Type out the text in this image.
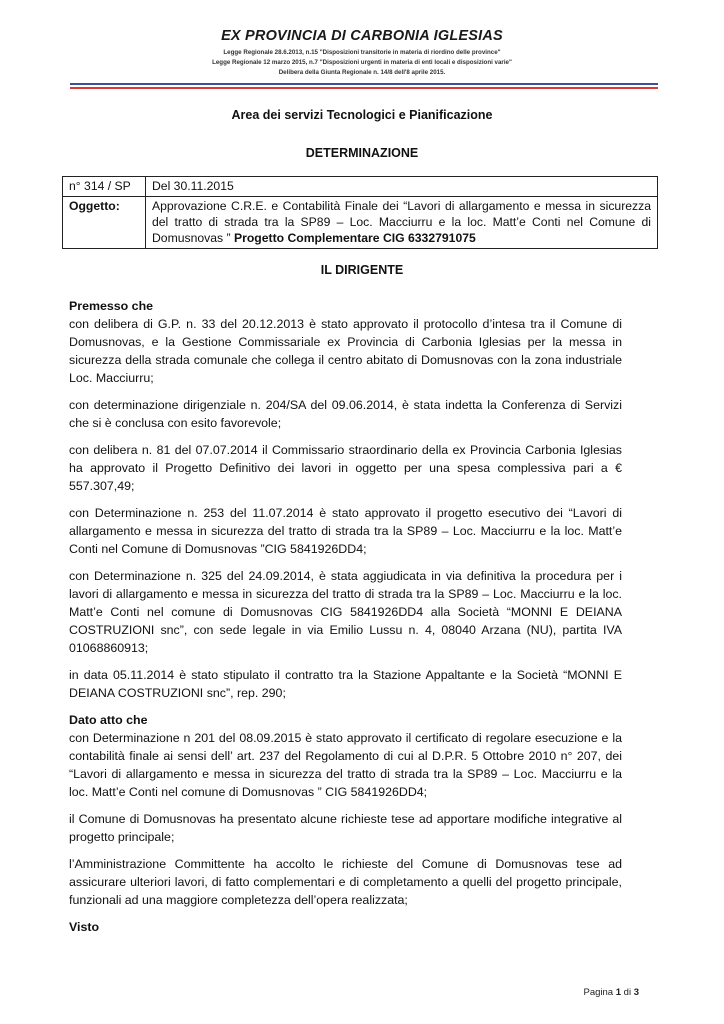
EX PROVINCIA DI CARBONIA IGLESIAS
Legge Regionale 28.6.2013, n.15 "Disposizioni transitorie in materia di riordino delle province"
Legge Regionale 12 marzo 2015, n.7 "Disposizioni urgenti in materia di enti locali e disposizioni varie"
Delibera della Giunta Regionale n. 14/8 dell'8 aprile 2015.
Area dei servizi Tecnologici e Pianificazione
DETERMINAZIONE
n° 314 / SP	Del 30.11.2015
Oggetto:	Approvazione C.R.E. e Contabilità Finale dei “Lavori di allargamento e messa in sicurezza del tratto di strada tra la SP89 – Loc. Macciurru e la loc. Matt’e Conti nel Comune di Domusnovas ” Progetto Complementare CIG 6332791075
IL DIRIGENTE

Premesso che

con delibera di G.P. n. 33 del 20.12.2013 è stato approvato il protocollo d’intesa tra il Comune di Domusnovas, e la Gestione Commissariale ex Provincia di Carbonia Iglesias per la messa in sicurezza della strada comunale che collega il centro abitato di Domusnovas con la zona industriale Loc. Macciurru;

con determinazione dirigenziale n. 204/SA del 09.06.2014, è stata indetta la Conferenza di Servizi che si è conclusa con esito favorevole;

con delibera n. 81 del 07.07.2014 il Commissario straordinario della ex Provincia Carbonia Iglesias ha approvato il Progetto Definitivo dei lavori in oggetto per una spesa complessiva pari a € 557.307,49;

con Determinazione n. 253 del 11.07.2014 è stato approvato il progetto esecutivo dei “Lavori di allargamento e messa in sicurezza del tratto di strada tra la SP89 – Loc. Macciurru e la loc. Matt’e Conti nel Comune di Domusnovas ”CIG 5841926DD4;

con Determinazione n. 325 del 24.09.2014, è stata aggiudicata in via definitiva la procedura per i lavori di allargamento e messa in sicurezza del tratto di strada tra la SP89 – Loc. Macciurru e la loc. Matt’e Conti nel comune di Domusnovas CIG 5841926DD4 alla Società “MONNI E DEIANA COSTRUZIONI snc”, con sede legale in via Emilio Lussu n. 4, 08040 Arzana (NU), partita IVA 01068860913;

in data 05.11.2014 è stato stipulato il contratto tra la Stazione Appaltante e la Società “MONNI E DEIANA COSTRUZIONI snc”, rep. 290;

Dato atto che

con Determinazione n 201 del 08.09.2015 è stato approvato il certificato di regolare esecuzione e la contabilità finale ai sensi dell’ art. 237 del Regolamento di cui al D.P.R. 5 Ottobre 2010 n° 207, dei “Lavori di allargamento e messa in sicurezza del tratto di strada tra la SP89 – Loc. Macciurru e la loc. Matt’e Conti nel comune di Domusnovas ” CIG 5841926DD4;

il Comune di Domusnovas ha presentato alcune richieste tese ad apportare modifiche integrative al progetto principale;

l’Amministrazione Committente ha accolto le richieste del Comune di Domusnovas tese ad assicurare ulteriori lavori, di fatto complementari e di completamento a quelli del progetto principale, funzionali ad una maggiore completezza dell’opera realizzata;

Visto

Pagina 1 di 3
